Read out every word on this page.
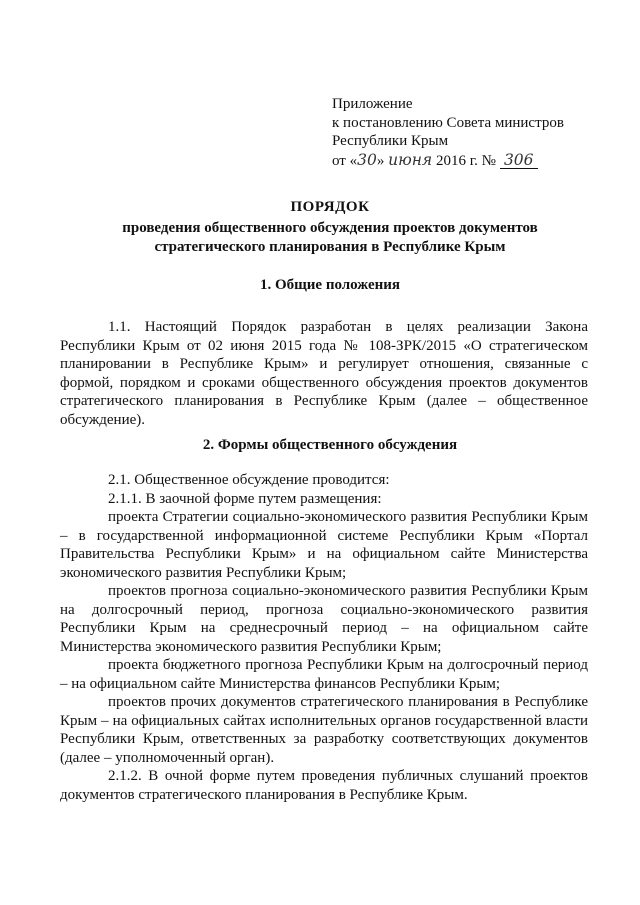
Приложение
к постановлению Совета министров
Республики Крым
от «30» июня 2016 г. № 306
ПОРЯДОК
проведения общественного обсуждения проектов документов
стратегического планирования в Республике Крым
1. Общие положения

1.1. Настоящий Порядок разработан в целях реализации Закона Республики Крым от 02 июня 2015 года № 108-ЗРК/2015 «О стратегическом планировании в Республике Крым» и регулирует отношения, связанные с формой, порядком и сроками общественного обсуждения проектов документов стратегического планирования в Республике Крым (далее – общественное обсуждение).

2. Формы общественного обсуждения

2.1. Общественное обсуждение проводится:

2.1.1. В заочной форме путем размещения:

проекта Стратегии социально-экономического развития Республики Крым – в государственной информационной системе Республики Крым «Портал Правительства Республики Крым» и на официальном сайте Министерства экономического развития Республики Крым;

проектов прогноза социально-экономического развития Республики Крым на долгосрочный период, прогноза социально-экономического развития Республики Крым на среднесрочный период – на официальном сайте Министерства экономического развития Республики Крым;

проекта бюджетного прогноза Республики Крым на долгосрочный период – на официальном сайте Министерства финансов Республики Крым;

проектов прочих документов стратегического планирования в Республике Крым – на официальных сайтах исполнительных органов государственной власти Республики Крым, ответственных за разработку соответствующих документов (далее – уполномоченный орган).

2.1.2. В очной форме путем проведения публичных слушаний проектов документов стратегического планирования в Республике Крым.
